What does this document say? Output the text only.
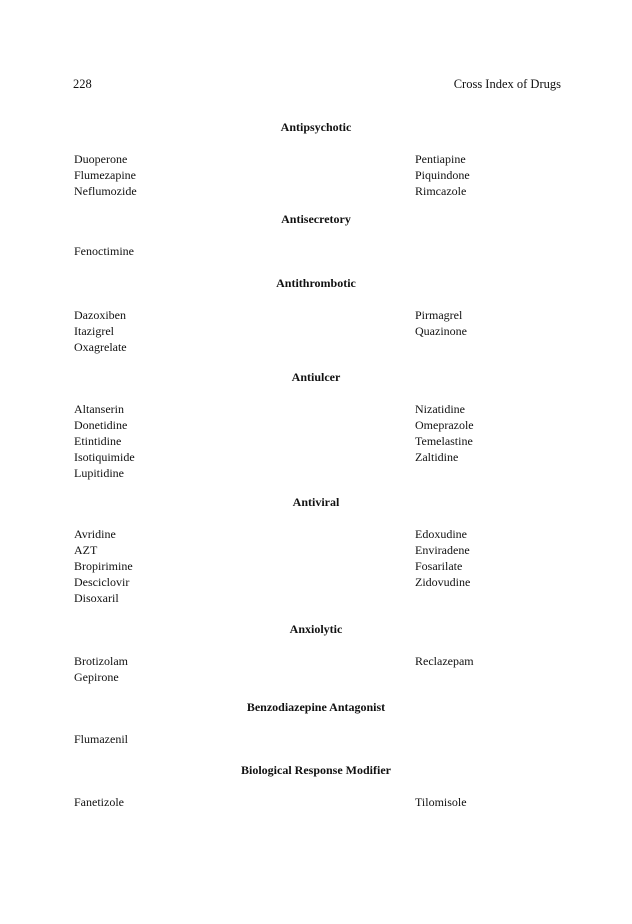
228	Cross Index of Drugs
Antipsychotic
Duoperone
Flumezapine
Neflumozide
Pentiapine
Piquindone
Rimcazole
Antisecretory
Fenoctimine
Antithrombotic
Dazoxiben
Itazigrel
Oxagrelate
Pirmagrel
Quazinone
Antiulcer
Altanserin
Donetidine
Etintidine
Isotiquimide
Lupitidine
Nizatidine
Omeprazole
Temelastine
Zaltidine
Antiviral
Avridine
AZT
Bropirimine
Desciclovir
Disoxaril
Edoxudine
Enviradene
Fosarilate
Zidovudine
Anxiolytic
Brotizolam
Gepirone
Reclazepam
Benzodiazepine Antagonist
Flumazenil
Biological Response Modifier
Fanetizole	Tilomisole
